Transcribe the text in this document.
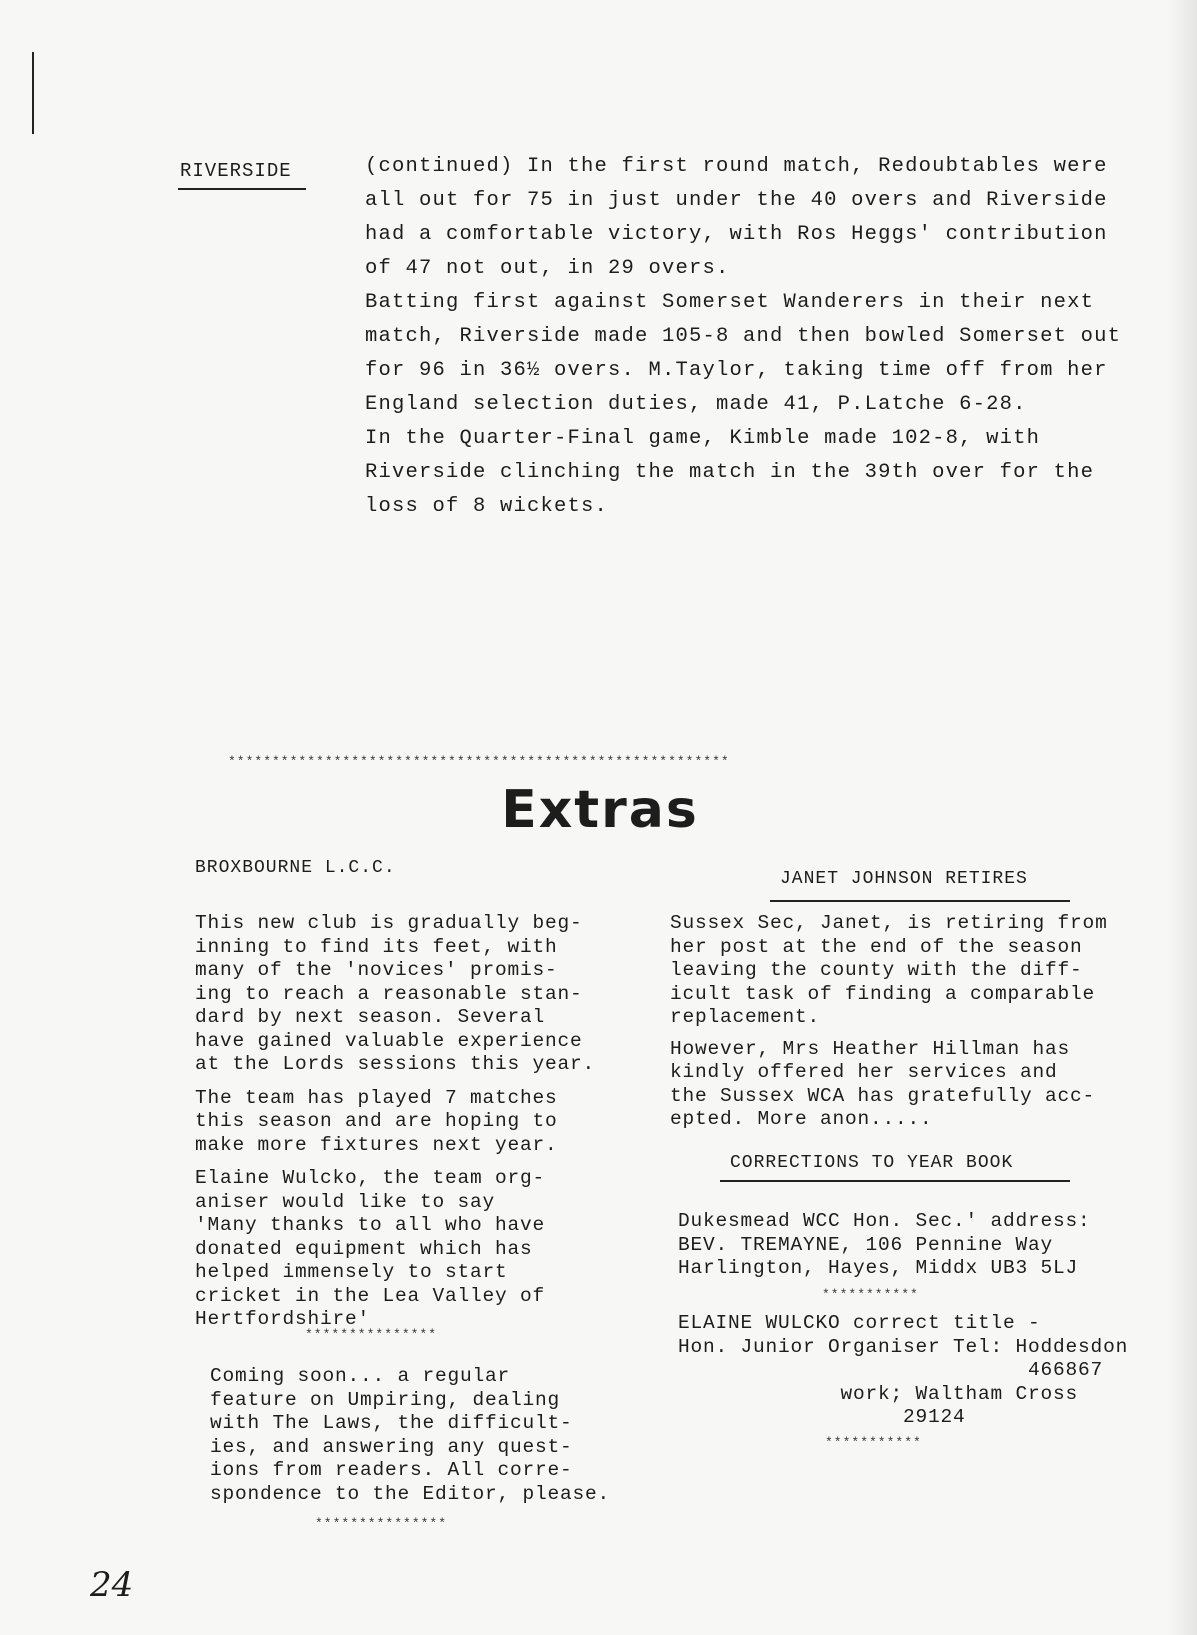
RIVERSIDE	(continued) In the first round match, Redoubtables were all out for 75 in just under the 40 overs and Riverside had a comfortable victory, with Ros Heggs' contribution of 47 not out, in 29 overs.

Batting first against Somerset Wanderers in their next match, Riverside made 105-8 and then bowled Somerset out for 96 in 36½ overs. M.Taylor, taking time off from her England selection duties, made 41, P.Latche 6-28.

In the Quarter-Final game, Kimble made 102-8, with Riverside clinching the match in the 39th over for the loss of 8 wickets.

*********************************************************
Extras
BROXBOURNE L.C.C.

This new club is gradually beg-
inning to find its feet, with
many of the 'novices' promis-
ing to reach a reasonable stan-
dard by next season. Several
have gained valuable experience
at the Lords sessions this year.

The team has played 7 matches
this season and are hoping to
make more fixtures next year.

Elaine Wulcko, the team org-
aniser would like to say
'Many thanks to all who have
donated equipment which has
helped immensely to start
cricket in the Lea Valley of
Hertfordshire'

***************

Coming soon... a regular
feature on Umpiring, dealing
with The Laws, the difficult-
ies, and answering any quest-
ions from readers. All corre-
spondence to the Editor, please.

***************
JANET JOHNSON RETIRES

Sussex Sec, Janet, is retiring from
her post at the end of the season
leaving the county with the diff-
icult task of finding a comparable
replacement.

However, Mrs Heather Hillman has
kindly offered her services and
the Sussex WCA has gratefully acc-
epted. More anon.....

CORRECTIONS TO YEAR BOOK

Dukesmead WCC Hon. Sec.' address:
BEV. TREMAYNE, 106 Pennine Way
Harlington, Hayes, Middx UB3 5LJ

***********

ELAINE WULCKO correct title -
Hon. Junior Organiser Tel: Hoddesdon
466867
work; Waltham Cross
29124

***********
24
